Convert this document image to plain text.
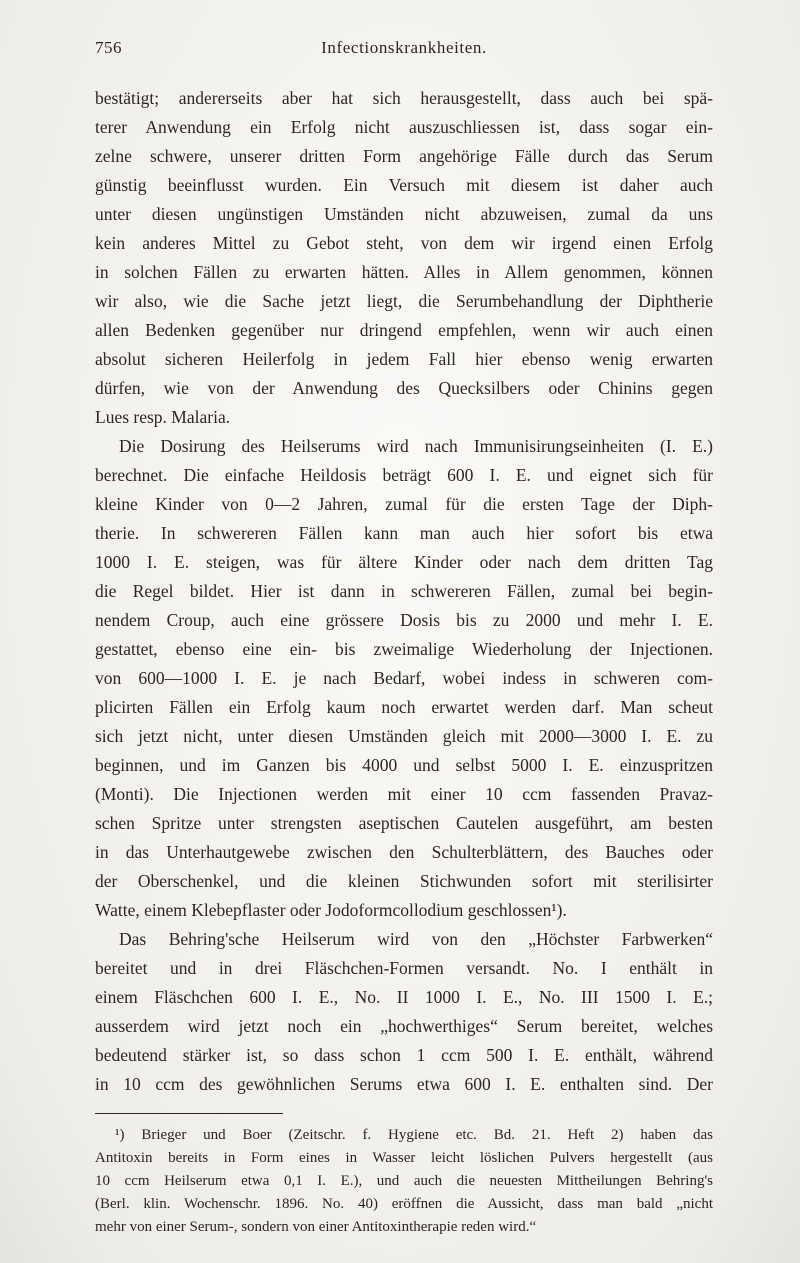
756	Infectionskrankheiten.
bestätigt; andererseits aber hat sich herausgestellt, dass auch bei spä-
terer Anwendung ein Erfolg nicht auszuschliessen ist, dass sogar ein-
zelne schwere, unserer dritten Form angehörige Fälle durch das Serum
günstig beeinflusst wurden. Ein Versuch mit diesem ist daher auch
unter diesen ungünstigen Umständen nicht abzuweisen, zumal da uns
kein anderes Mittel zu Gebot steht, von dem wir irgend einen Erfolg
in solchen Fällen zu erwarten hätten. Alles in Allem genommen, können
wir also, wie die Sache jetzt liegt, die Serumbehandlung der Diphtherie
allen Bedenken gegenüber nur dringend empfehlen, wenn wir auch einen
absolut sicheren Heilerfolg in jedem Fall hier ebenso wenig erwarten
dürfen, wie von der Anwendung des Quecksilbers oder Chinins gegen
Lues resp. Malaria.
Die Dosirung des Heilserums wird nach Immunisirungseinheiten (I. E.)
berechnet. Die einfache Heildosis beträgt 600 I. E. und eignet sich für
kleine Kinder von 0—2 Jahren, zumal für die ersten Tage der Diph-
therie. In schwereren Fällen kann man auch hier sofort bis etwa
1000 I. E. steigen, was für ältere Kinder oder nach dem dritten Tag
die Regel bildet. Hier ist dann in schwereren Fällen, zumal bei begin-
nendem Croup, auch eine grössere Dosis bis zu 2000 und mehr I. E.
gestattet, ebenso eine ein- bis zweimalige Wiederholung der Injectionen.
von 600—1000 I. E. je nach Bedarf, wobei indess in schweren com-
plicirten Fällen ein Erfolg kaum noch erwartet werden darf. Man scheut
sich jetzt nicht, unter diesen Umständen gleich mit 2000—3000 I. E. zu
beginnen, und im Ganzen bis 4000 und selbst 5000 I. E. einzuspritzen
(Monti). Die Injectionen werden mit einer 10 ccm fassenden Pravaz-
schen Spritze unter strengsten aseptischen Cautelen ausgeführt, am besten
in das Unterhautgewebe zwischen den Schulterblättern, des Bauches oder
der Oberschenkel, und die kleinen Stichwunden sofort mit sterilisirter
Watte, einem Klebepflaster oder Jodoformcollodium geschlossen¹).
Das Behring'sche Heilserum wird von den „Höchster Farbwerken“
bereitet und in drei Fläschchen-Formen versandt. No. I enthält in
einem Fläschchen 600 I. E., No. II 1000 I. E., No. III 1500 I. E.;
ausserdem wird jetzt noch ein „hochwerthiges“ Serum bereitet, welches
bedeutend stärker ist, so dass schon 1 ccm 500 I. E. enthält, während
in 10 ccm des gewöhnlichen Serums etwa 600 I. E. enthalten sind. Der
¹) Brieger und Boer (Zeitschr. f. Hygiene etc. Bd. 21. Heft 2) haben das
Antitoxin bereits in Form eines in Wasser leicht löslichen Pulvers hergestellt (aus
10 ccm Heilserum etwa 0,1 I. E.), und auch die neuesten Mittheilungen Behring's
(Berl. klin. Wochenschr. 1896. No. 40) eröffnen die Aussicht, dass man bald „nicht
mehr von einer Serum-, sondern von einer Antitoxintherapie reden wird.“
